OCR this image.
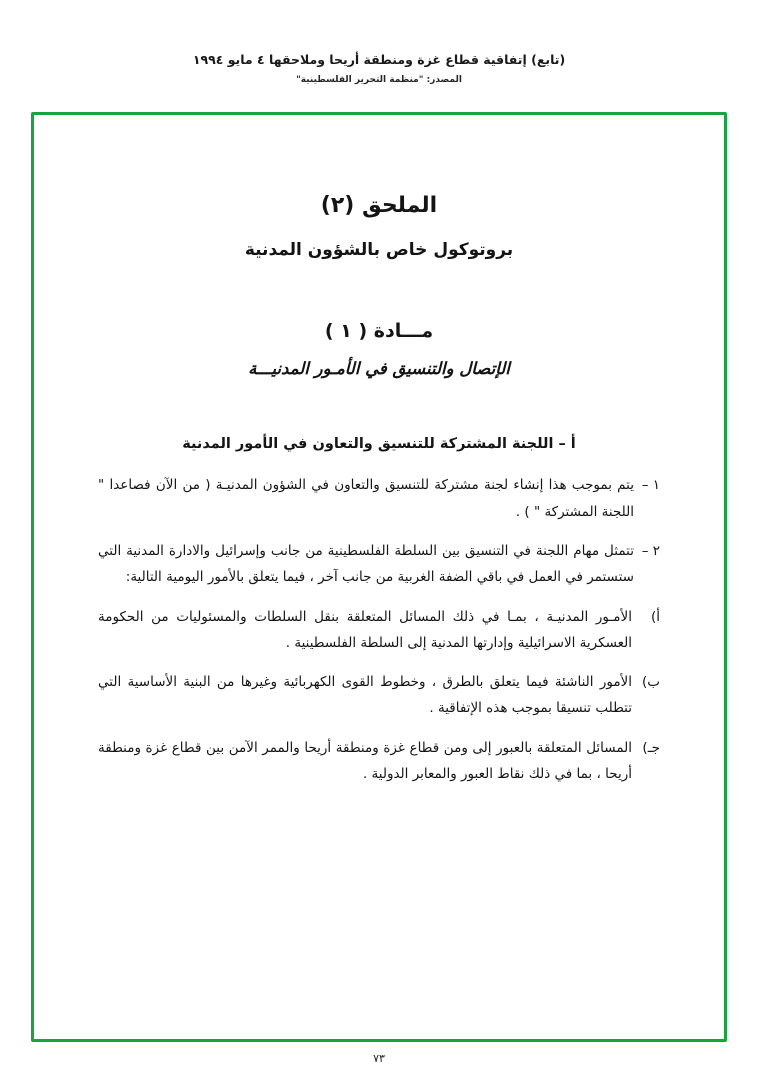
(تابع) إتفاقية قطاع غزة ومنطقة أريحا وملاحقها ٤ مايو ١٩٩٤
المصدر: "منظمة التحرير الفلسطينية"
الملحق (٢)
بروتوكول خاص بالشؤون المدنية
مـــادة ( ١ )
الإتصال والتنسيق في الأمـور المدنيـــة
أ – اللجنة المشتركة للتنسيق والتعاون في الأمور المدنية
١ –
يتم بموجب هذا إنشاء لجنة مشتركة للتنسيق والتعاون في الشؤون المدنيـة ( من الآن فصاعدا " اللجنة المشتركة " ) .
٢ –
تتمثل مهام اللجنة في التنسيق بين السلطة الفلسطينية من جانب وإسرائيل والادارة المدنية التي ستستمر في العمل في باقي الضفة الغربية من جانب آخر ، فيما يتعلق بالأمور اليومية التالية:
أ)
الأمـور المدنيـة ، بمـا في ذلك المسائل المتعلقة بنقل السلطات والمسئوليات من الحكومة العسكرية الاسرائيلية وإدارتها المدنية إلى السلطة الفلسطينية .
ب)
الأمور الناشئة فيما يتعلق بالطرق ، وخطوط القوى الكهربائية وغيرها من البنية الأساسية التي تتطلب تنسيقا بموجب هذه الإتفاقية .
جـ)
المسائل المتعلقة بالعبور إلى ومن قطاع غزة ومنطقة أريحا والممر الآمن بين قطاع غزة ومنطقة أريحا ، بما في ذلك نقاط العبور والمعابر الدولية .
٧٣
